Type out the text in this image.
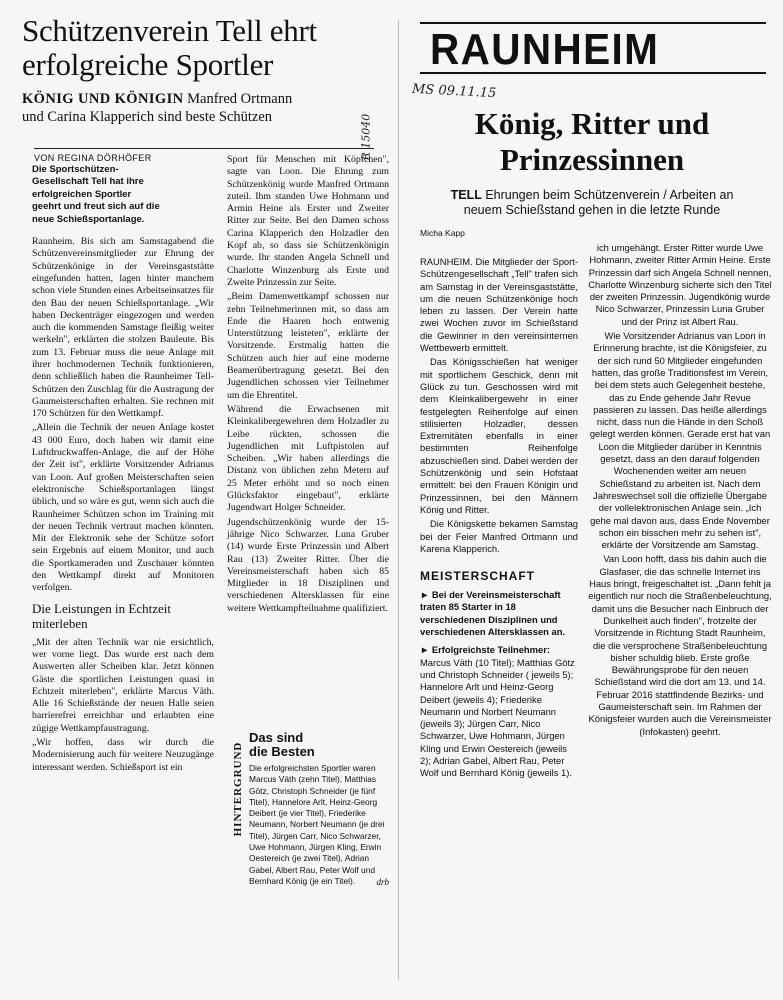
Schützenverein Tell ehrt
erfolgreiche Sportler
KÖNIG UND KÖNIGIN Manfred Ortmann
und Carina Klapperich sind beste Schützen	R 15040
VON REGINA DÖRHÖFER
Die Sportschützen-Gesellschaft Tell hat ihre erfolgreichen Sportler geehrt und freut sich auf die neue Schießsportanlage.

Raunheim. Bis sich am Samstagabend die Schützenvereinsmitglieder zur Ehrung der Schützenkönige in der Vereinsgaststätte eingefunden hatten, lagen hinter manchem schon viele Stunden eines Arbeitseinsatzes für den Bau der neuen Schießsportanlage. „Wir haben Deckenträger eingezogen und werden auch die kommenden Samstage fleißig weiter werkeln", erklärten die stolzen Bauleute. Bis zum 13. Februar muss die neue Anlage mit ihrer hochmodernen Technik funktionieren, denn schließlich haben die Raunheimer Tell-Schützen den Zuschlag für die Austragung der Gaumeisterschaften erhalten. Sie rechnen mit 170 Schützen für den Wettkampf.

„Allein die Technik der neuen Anlage kostet 43 000 Euro, doch haben wir damit eine Luftdruckwaffen-Anlage, die auf der Höhe der Zeit ist", erklärte Vorsitzender Adrianus van Loon. Auf großen Meisterschaften seien elektronische Schießsportanlagen längst üblich, und so wäre es gut, wenn sich auch die Raunheimer Schützen schon im Training mit der neuen Technik vertraut machen könnten. Mit der Elektronik sehe der Schütze sofort sein Ergebnis auf einem Monitor, und auch die Sportkameraden und Zuschauer könnten den Wettkampf direkt auf Monitoren verfolgen.

Die Leistungen in Echtzeit miterleben

„Mit der alten Technik war nie ersichtlich, wer vorne liegt. Das wurde erst nach dem Auswerten aller Scheiben klar. Jetzt können Gäste die sportlichen Leistungen quasi in Echtzeit miterleben", erklärte Marcus Väth. Alle 16 Schießstände der neuen Halle seien barrierefrei erreichbar und erlaubten eine zügige Wettkampfaustragung.

„Wir hoffen, dass wir durch die Modernisierung auch für weitere Neuzugänge interessant werden. Schießsport ist ein

Sport für Menschen mit Köpfchen", sagte van Loon. Die Ehrung zum Schützenkönig wurde Manfred Ortmann zuteil. Ihm standen Uwe Hohmann und Armin Heine als Erster und Zweiter Ritter zur Seite. Bei den Damen schoss Carina Klapperich den Holzadler den Kopf ab, so dass sie Schützenkönigin wurde. Ihr standen Angela Schnell und Charlotte Winzenburg als Erste und Zweite Prinzessin zur Seite.

„Beim Damenwettkampf schossen nur zehn Teilnehmerinnen mit, so dass am Ende die Haaren hoch entwenig Unterstützung leisteten", erklärte der Vorsitzende. Erstmalig hatten die Schützen auch hier auf eine moderne Beamerübertragung gesetzt. Bei den Jugendlichen schossen vier Teilnehmer um die Ehrentitel.

Während die Erwachsenen mit Kleinkalibergewehren dem Holzadler zu Leibe rückten, schossen die Jugendlichen mit Luftpistolen auf Scheiben. „Wir haben allerdings die Distanz von üblichen zehn Metern auf 25 Meter erhöht und so noch einen Glücksfaktor eingebaut", erklärte Jugendwart Holger Schneider.

Jugendschützenkönig wurde der 15-jährige Nico Schwarzer. Luna Gruber (14) wurde Erste Prinzessin und Albert Rau (13) Zweiter Ritter. Über die Vereinsmeisterschaft haben sich 85 Mitglieder in 18 Disziplinen und verschiedenen Altersklassen für eine weitere Wettkampfteilnahme qualifiziert.

HINTERGRUND
Das sind
die Besten
Die erfolgreichsten Sportler waren Marcus Väth (zehn Titel), Matthias Götz, Christoph Schneider (je fünf Titel), Hannelore Arlt, Heinz-Georg Deibert (je vier Titel), Friederike Neumann, Norbert Neumann (je drei Titel), Jürgen Carr, Nico Schwarzer, Uwe Hohmann, Jürgen Kling, Erwin Oestereich (je zwei Titel), Adrian Gabel, Albert Rau, Peter Wolf und Bernhard König (je ein Titel).	drb
RAUNHEIM
MS 09.11.15
König, Ritter und
Prinzessinnen
TELL Ehrungen beim Schützenverein / Arbeiten an neuem Schießstand gehen in die letzte Runde
Micha Kapp

RAUNHEIM. Die Mitglieder der Sport-Schützengesellschaft „Tell" trafen sich am Samstag in der Vereinsgaststätte, um die neuen Schützenkönige hoch leben zu lassen. Der Verein hatte zwei Wochen zuvor im Schießstand die Gewinner in den vereinsinternen Wettbewerb ermittelt.

Das Königsschießen hat weniger mit sportlichem Geschick, denn mit Glück zu tun. Geschossen wird mit dem Kleinkalibergewehr in einer festgelegten Reihenfolge auf einen stilisierten Holzadler, dessen Extremitäten ebenfalls in einer bestimmten Reihenfolge abzuschießen sind. Dabei werden der Schützenkönig und sein Hofstaat ermittelt: bei den Frauen Königin und Prinzessinnen, bei den Männern König und Ritter.

Die Königskette bekamen Samstag bei der Feier Manfred Ortmann und Karena Klapperich.

MEISTERSCHAFT
► Bei der Vereinsmeisterschaft traten 85 Starter in 18 verschiedenen Disziplinen und verschiedenen Altersklassen an.
► Erfolgreichste Teilnehmer: Marcus Väth (10 Titel); Matthias Götz und Christoph Schneider ( jeweils 5); Hannelore Arlt und Heinz-Georg Deibert (jeweils 4); Friederike Neumann und Norbert Neumann (jeweils 3); Jürgen Carr, Nico Schwarzer, Uwe Hohmann, Jürgen Kling und Erwin Oestereich (jeweils 2); Adrian Gabel, Albert Rau, Peter Wolf und Bernhard König (jeweils 1).

ich umgehängt. Erster Ritter wurde Uwe Hohmann, zweiter Ritter Armin Heine. Erste Prinzessin darf sich Angela Schnell nennen, Charlotte Winzenburg sicherte sich den Titel der zweiten Prinzessin. Jugendkönig wurde Nico Schwarzer, Prinzessin Luna Gruber und der Prinz ist Albert Rau.

Wie Vorsitzender Adrianus van Loon in Erinnerung brachte, ist die Königsfeier, zu der sich rund 50 Mitglieder eingefunden hatten, das große Traditionsfest im Verein, bei dem stets auch Gelegenheit bestehe, das zu Ende gehende Jahr Revue passieren zu lassen. Das heiße allerdings nicht, dass nun die Hände in den Schoß gelegt werden können. Gerade erst hat van Loon die Mitglieder darüber in Kenntnis gesetzt, dass an den darauf folgenden Wochenenden weiter am neuen Schießstand zu arbeiten ist. Nach dem Jahreswechsel soll die offizielle Übergabe der vollelektronischen Anlage sein. „Ich gehe mal davon aus, dass Ende November schon ein bisschen mehr zu sehen ist", erklärte der Vorsitzende am Samstag.

Van Loon hofft, dass bis dahin auch die Glasfaser, die das schnelle Internet ins Haus bringt, freigeschaltet ist. „Dann fehlt ja eigentlich nur noch die Straßenbeleuchtung, damit uns die Besucher nach Einbruch der Dunkelheit auch finden", frotzelte der Vorsitzende in Richtung Stadt Raunheim, die die versprochene Straßenbeleuchtung bisher schuldig blieb. Erste große Bewährungsprobe für den neuen Schießstand wird die dort am 13. und 14. Februar 2016 stattfindende Bezirks- und Gaumeisterschaft sein. Im Rahmen der Königsfeier wurden auch die Vereinsmeister (Infokasten) geehrt.
